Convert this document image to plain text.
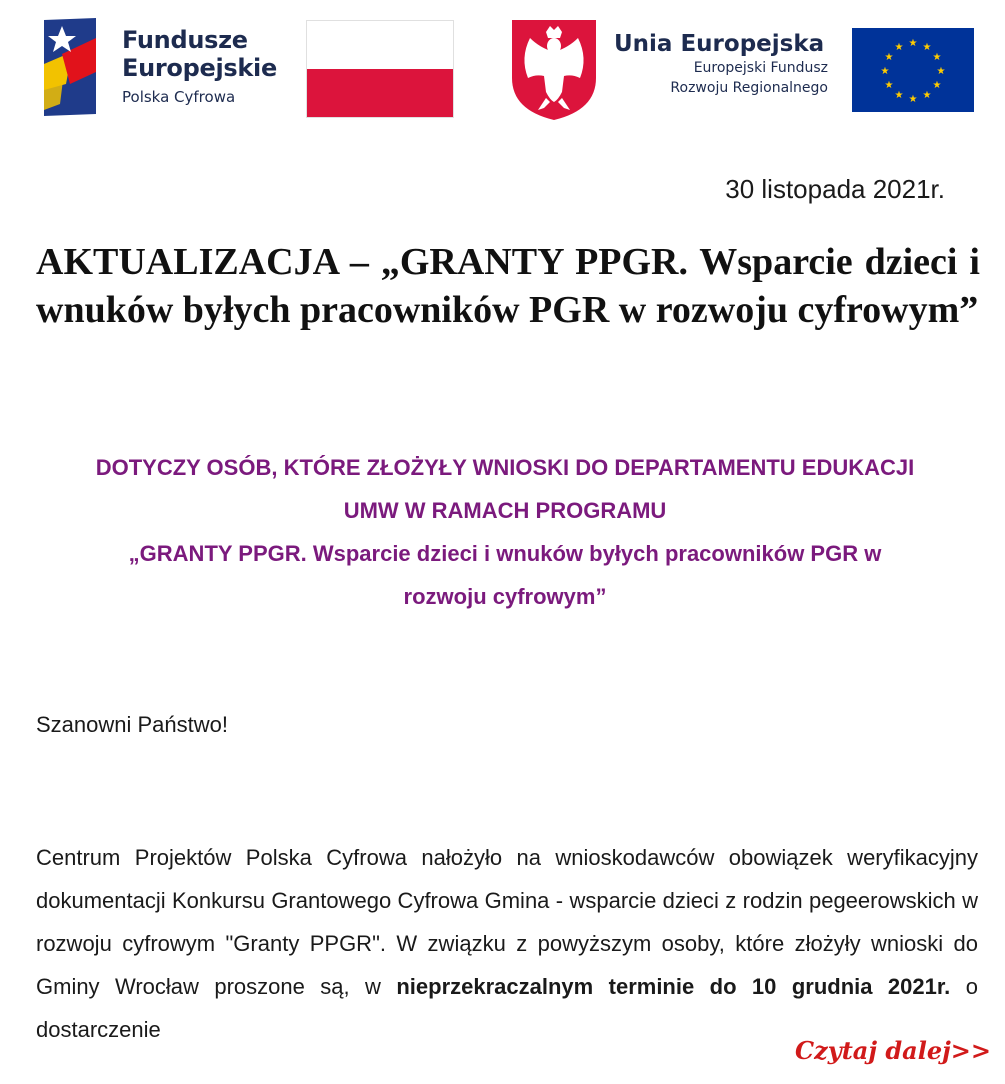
Fundusze
Europejskie
Polska Cyfrowa
Unia Europejska
Europejski Fundusz
Rozwoju Regionalnego
★ ★
★
★
★
★
★
★
★
★
★
★
30 listopada 2021r.
AKTUALIZACJA – „GRANTY PPGR. Wsparcie dzieci i wnuków byłych pracowników PGR w rozwoju cyfrowym”
DOTYCZY OSÓB, KTÓRE ZŁOŻYŁY WNIOSKI DO DEPARTAMENTU EDUKACJI
UMW W RAMACH PROGRAMU
„GRANTY PPGR. Wsparcie dzieci i wnuków byłych pracowników PGR w
rozwoju cyfrowym”
Szanowni Państwo!

Centrum Projektów Polska Cyfrowa nałożyło na wnioskodawców obowiązek weryfikacyjny dokumentacji Konkursu Grantowego Cyfrowa Gmina - wsparcie dzieci z rodzin pegeerowskich w rozwoju cyfrowym "Granty PPGR". W związku z powyższym osoby, które złożyły wnioski do Gminy Wrocław proszone są, w nieprzekraczalnym terminie do 10 grudnia 2021r. o dostarczenie

Czytaj dalej>>
